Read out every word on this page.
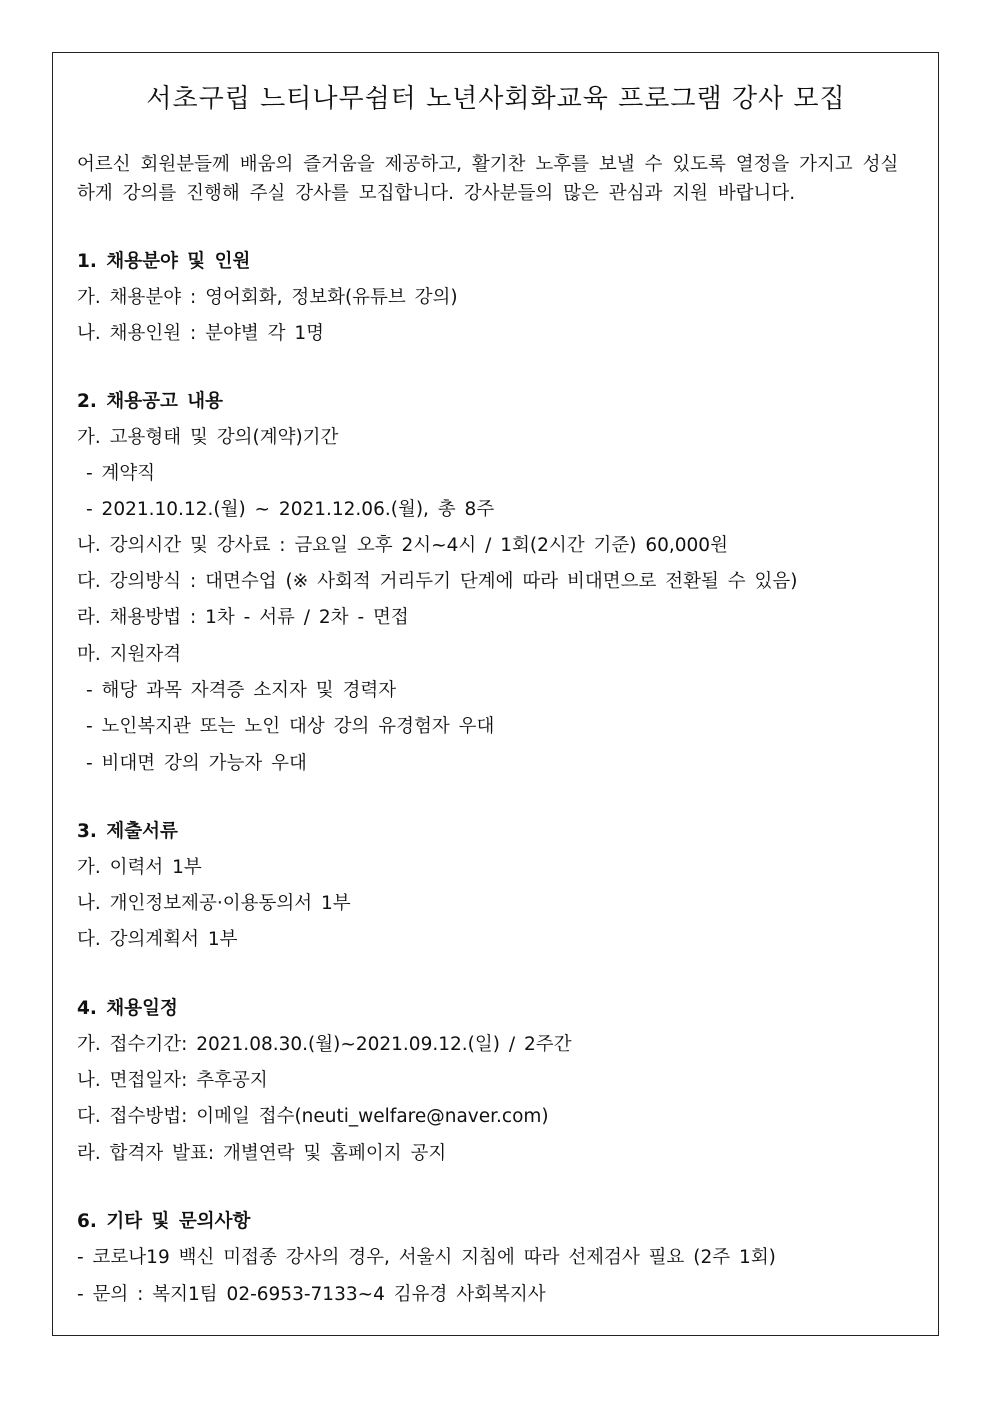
서초구립 느티나무쉼터 노년사회화교육 프로그램 강사 모집
어르신 회원분들께 배움의 즐거움을 제공하고, 활기찬 노후를 보낼 수 있도록 열정을 가지고 성실
하게 강의를 진행해 주실 강사를 모집합니다. 강사분들의 많은 관심과 지원 바랍니다.
1. 채용분야 및 인원
가. 채용분야 : 영어회화, 정보화(유튜브 강의)
나. 채용인원 : 분야별 각 1명
2. 채용공고 내용
가. 고용형태 및 강의(계약)기간
- 계약직
- 2021.10.12.(월) ~ 2021.12.06.(월), 총 8주
나. 강의시간 및 강사료 : 금요일 오후 2시~4시 / 1회(2시간 기준) 60,000원
다. 강의방식 : 대면수업 (※ 사회적 거리두기 단계에 따라 비대면으로 전환될 수 있음)
라. 채용방법 : 1차 - 서류 / 2차 - 면접
마. 지원자격
- 해당 과목 자격증 소지자 및 경력자
- 노인복지관 또는 노인 대상 강의 유경험자 우대
- 비대면 강의 가능자 우대
3. 제출서류
가. 이력서 1부
나. 개인정보제공·이용동의서 1부
다. 강의계획서 1부
4. 채용일정
가. 접수기간: 2021.08.30.(월)~2021.09.12.(일) / 2주간
나. 면접일자: 추후공지
다. 접수방법: 이메일 접수(neuti_welfare@naver.com)
라. 합격자 발표: 개별연락 및 홈페이지 공지
6. 기타 및 문의사항
- 코로나19 백신 미접종 강사의 경우, 서울시 지침에 따라 선제검사 필요 (2주 1회)
- 문의 : 복지1팀 02-6953-7133~4 김유경 사회복지사
